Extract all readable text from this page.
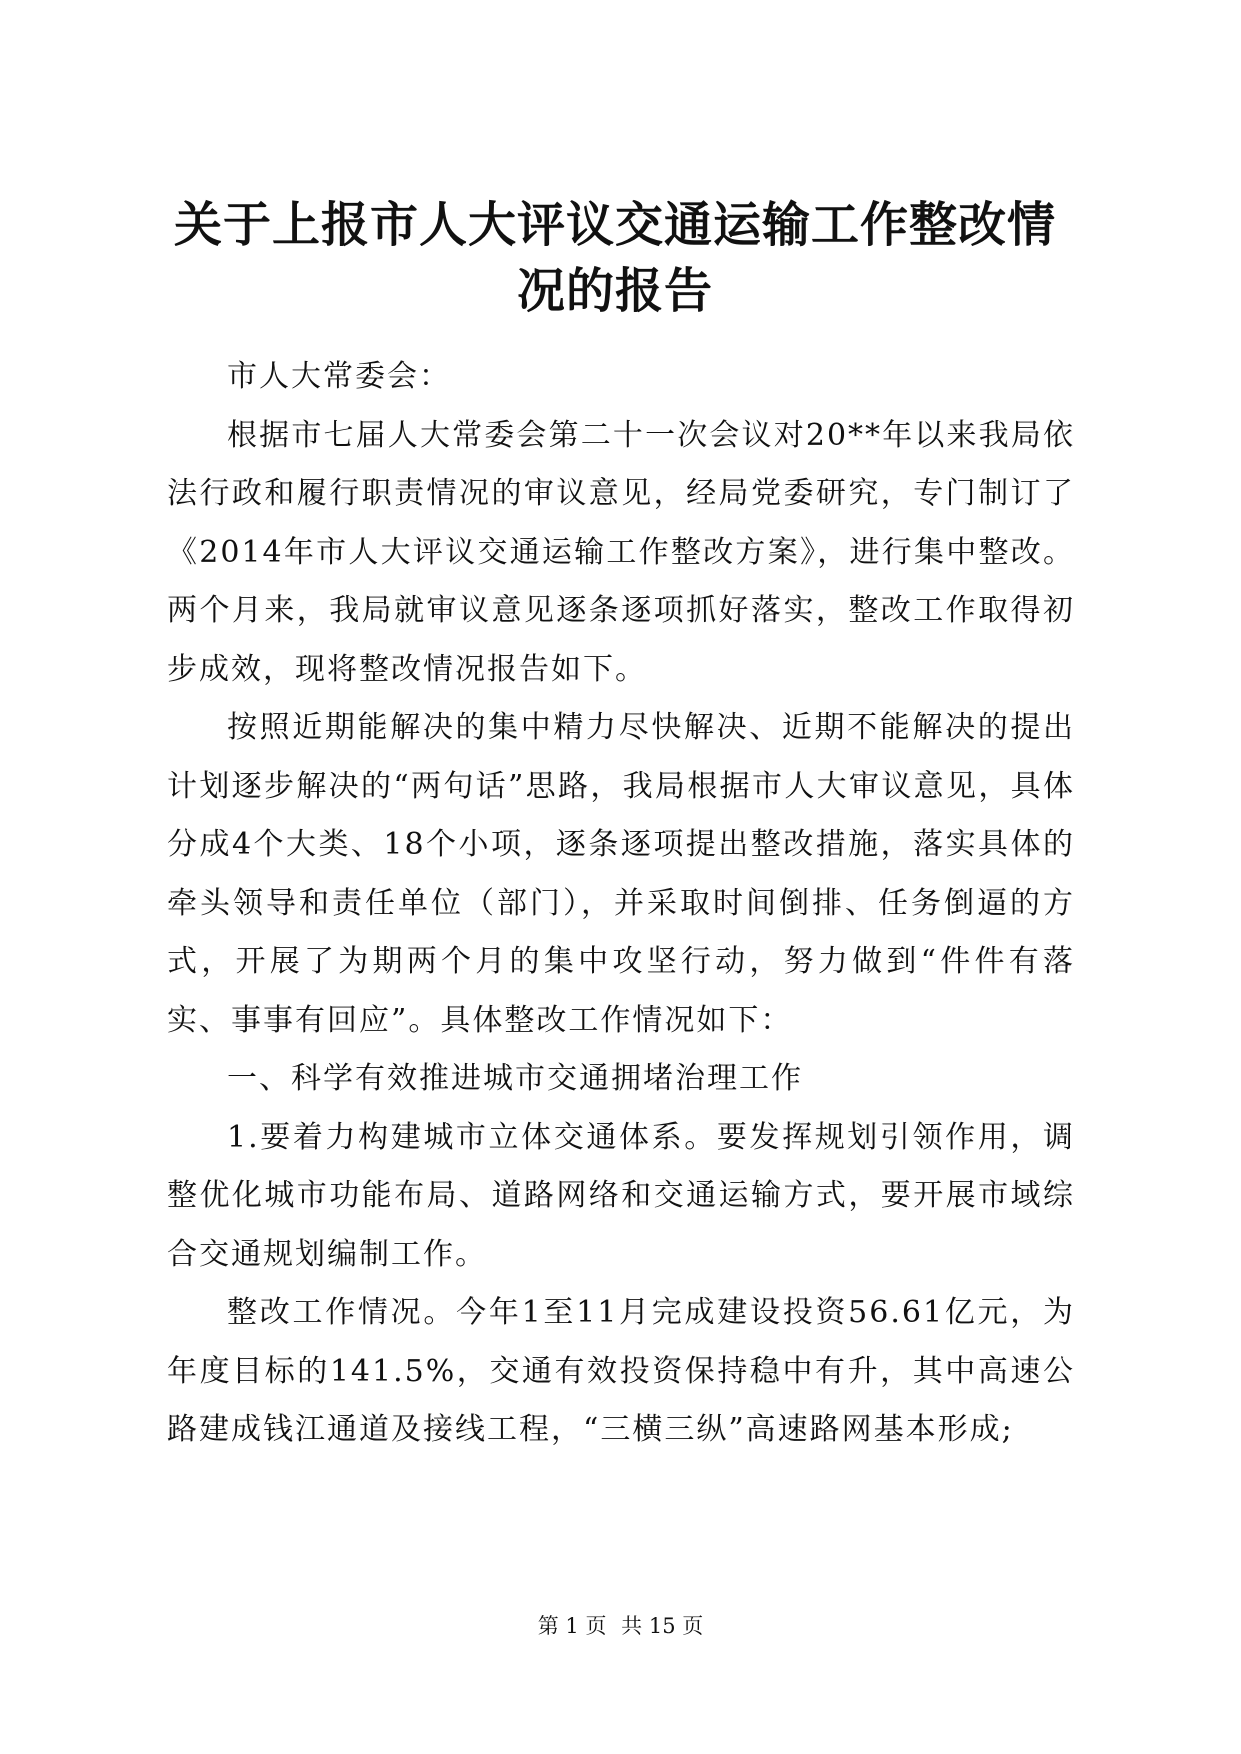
关于上报市人大评议交通运输工作整改情况的报告

市人大常委会：

根据市七届人大常委会第二十一次会议对20**年以来我局依法行政和履行职责情况的审议意见，经局党委研究，专门制订了《2014年市人大评议交通运输工作整改方案》，进行集中整改。两个月来，我局就审议意见逐条逐项抓好落实，整改工作取得初步成效，现将整改情况报告如下。

按照近期能解决的集中精力尽快解决、近期不能解决的提出计划逐步解决的“两句话”思路，我局根据市人大审议意见，具体分成4个大类、18个小项，逐条逐项提出整改措施，落实具体的牵头领导和责任单位（部门），并采取时间倒排、任务倒逼的方式，开展了为期两个月的集中攻坚行动，努力做到“件件有落实、事事有回应”。具体整改工作情况如下：

一、科学有效推进城市交通拥堵治理工作

1.要着力构建城市立体交通体系。要发挥规划引领作用，调整优化城市功能布局、道路网络和交通运输方式，要开展市域综合交通规划编制工作。

整改工作情况。今年1至11月完成建设投资56.61亿元，为年度目标的141.5%，交通有效投资保持稳中有升，其中高速公路建成钱江通道及接线工程，“三横三纵”高速路网基本形成;

第 1 页 共 15 页
